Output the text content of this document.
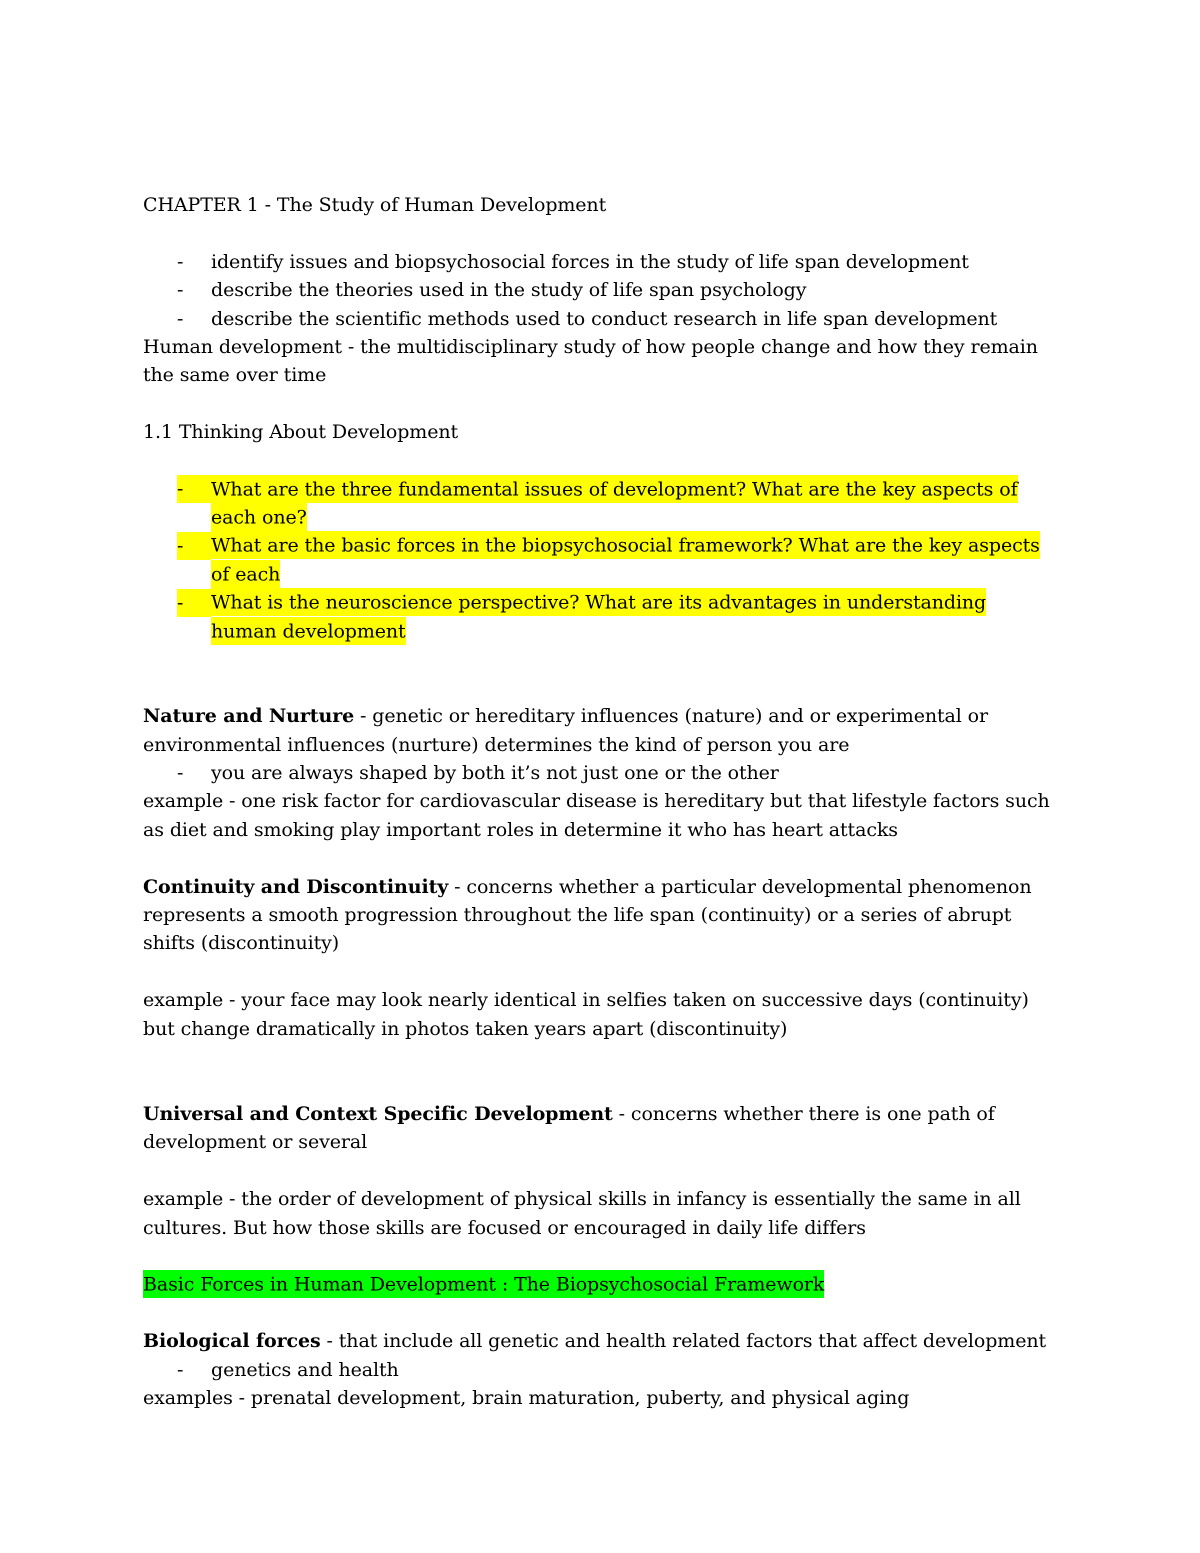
CHAPTER 1 - The Study of Human Development

-	identify issues and biopsychosocial forces in the study of life span development
-	describe the theories used in the study of life span psychology
-	describe the scientific methods used to conduct research in life span development

Human development - the multidisciplinary study of how people change and how they remain the same over time

1.1 Thinking About Development

-	What are the three fundamental issues of development? What are the key aspects of each one?
-	What are the basic forces in the biopsychosocial framework? What are the key aspects of each
-	What is the neuroscience perspective? What are its advantages in understanding human development

Nature and Nurture - genetic or hereditary influences (nature) and or experimental or environmental influences (nurture) determines the kind of person you are

-	you are always shaped by both it’s not just one or the other

example - one risk factor for cardiovascular disease is hereditary but that lifestyle factors such as diet and smoking play important roles in determine it who has heart attacks

Continuity and Discontinuity - concerns whether a particular developmental phenomenon represents a smooth progression throughout the life span (continuity) or a series of abrupt shifts (discontinuity)

example - your face may look nearly identical in selfies taken on successive days (continuity) but change dramatically in photos taken years apart (discontinuity)

Universal and Context Specific Development - concerns whether there is one path of development or several

example - the order of development of physical skills in infancy is essentially the same in all cultures. But how those skills are focused or encouraged in daily life differs

Basic Forces in Human Development : The Biopsychosocial Framework

Biological forces - that include all genetic and health related factors that affect development

-	genetics and health

examples - prenatal development, brain maturation, puberty, and physical aging
